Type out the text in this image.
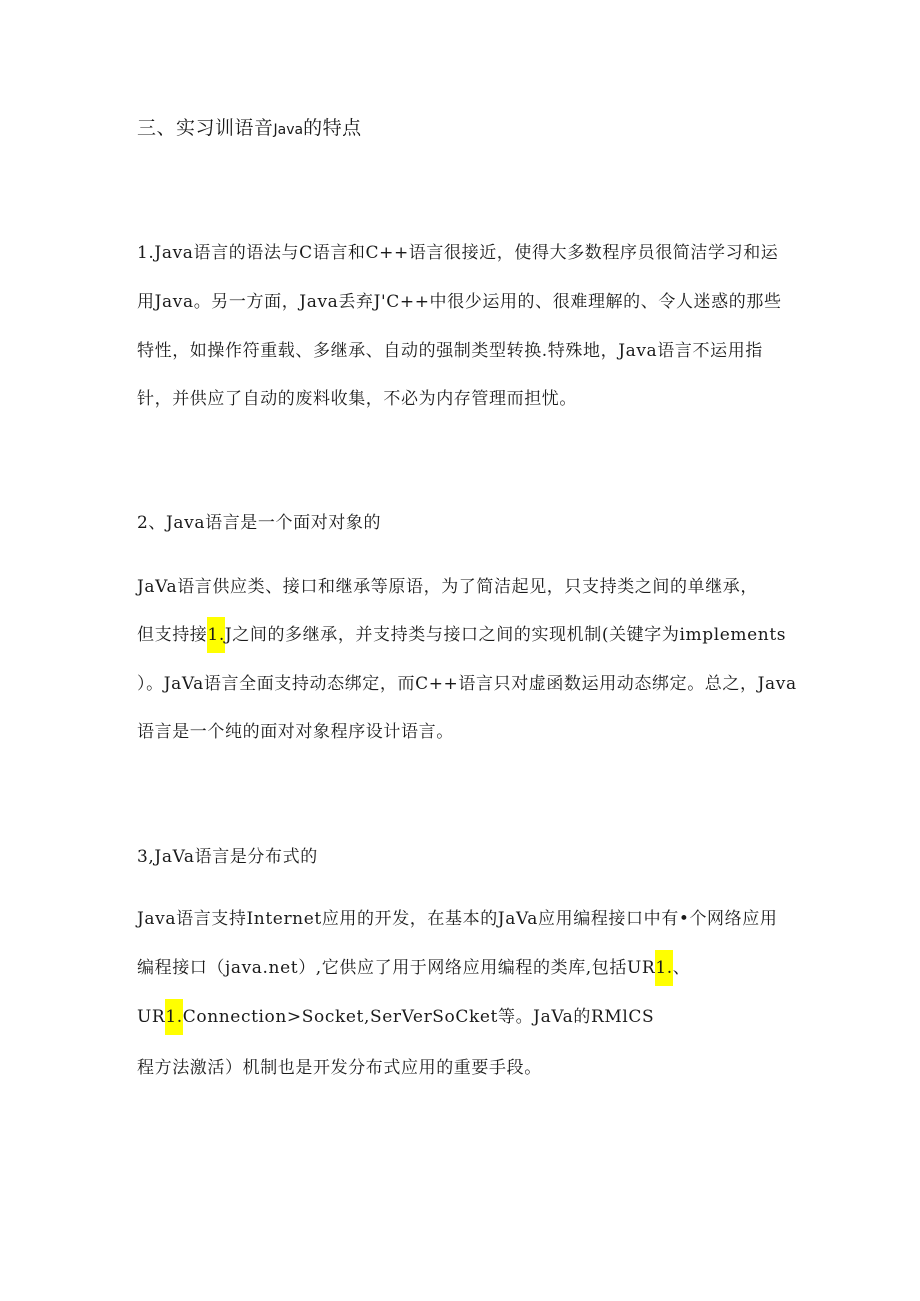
三、实习训语音Java的特点
1.Java语言的语法与C语言和C++语言很接近，使得大多数程序员很简洁学习和运
用Java。另一方面，Java丢弃J'C++中很少运用的、很难理解的、令人迷惑的那些
特性，如操作符重载、多继承、自动的强制类型转换.特殊地，Java语言不运用指
针，并供应了自动的废料收集，不必为内存管理而担忧。
2、Java语言是一个面对对象的
JaVa语言供应类、接口和继承等原语，为了简洁起见，只支持类之间的单继承，
但支持接1.J之间的多继承，并支持类与接口之间的实现机制(关键字为implements
）。JaVa语言全面支持动态绑定，而C++语言只对虚函数运用动态绑定。总之，Java
语言是一个纯的面对对象程序设计语言。
3,JaVa语言是分布式的
Java语言支持Internet应用的开发，在基本的JaVa应用编程接口中有•个网络应用
编程接口（java.net）,它供应了用于网络应用编程的类库,包括UR1.、
UR1.Connection>Socket,SerVerSoCket等。JaVa的RMlCS
程方法激活）机制也是开发分布式应用的重要手段。
